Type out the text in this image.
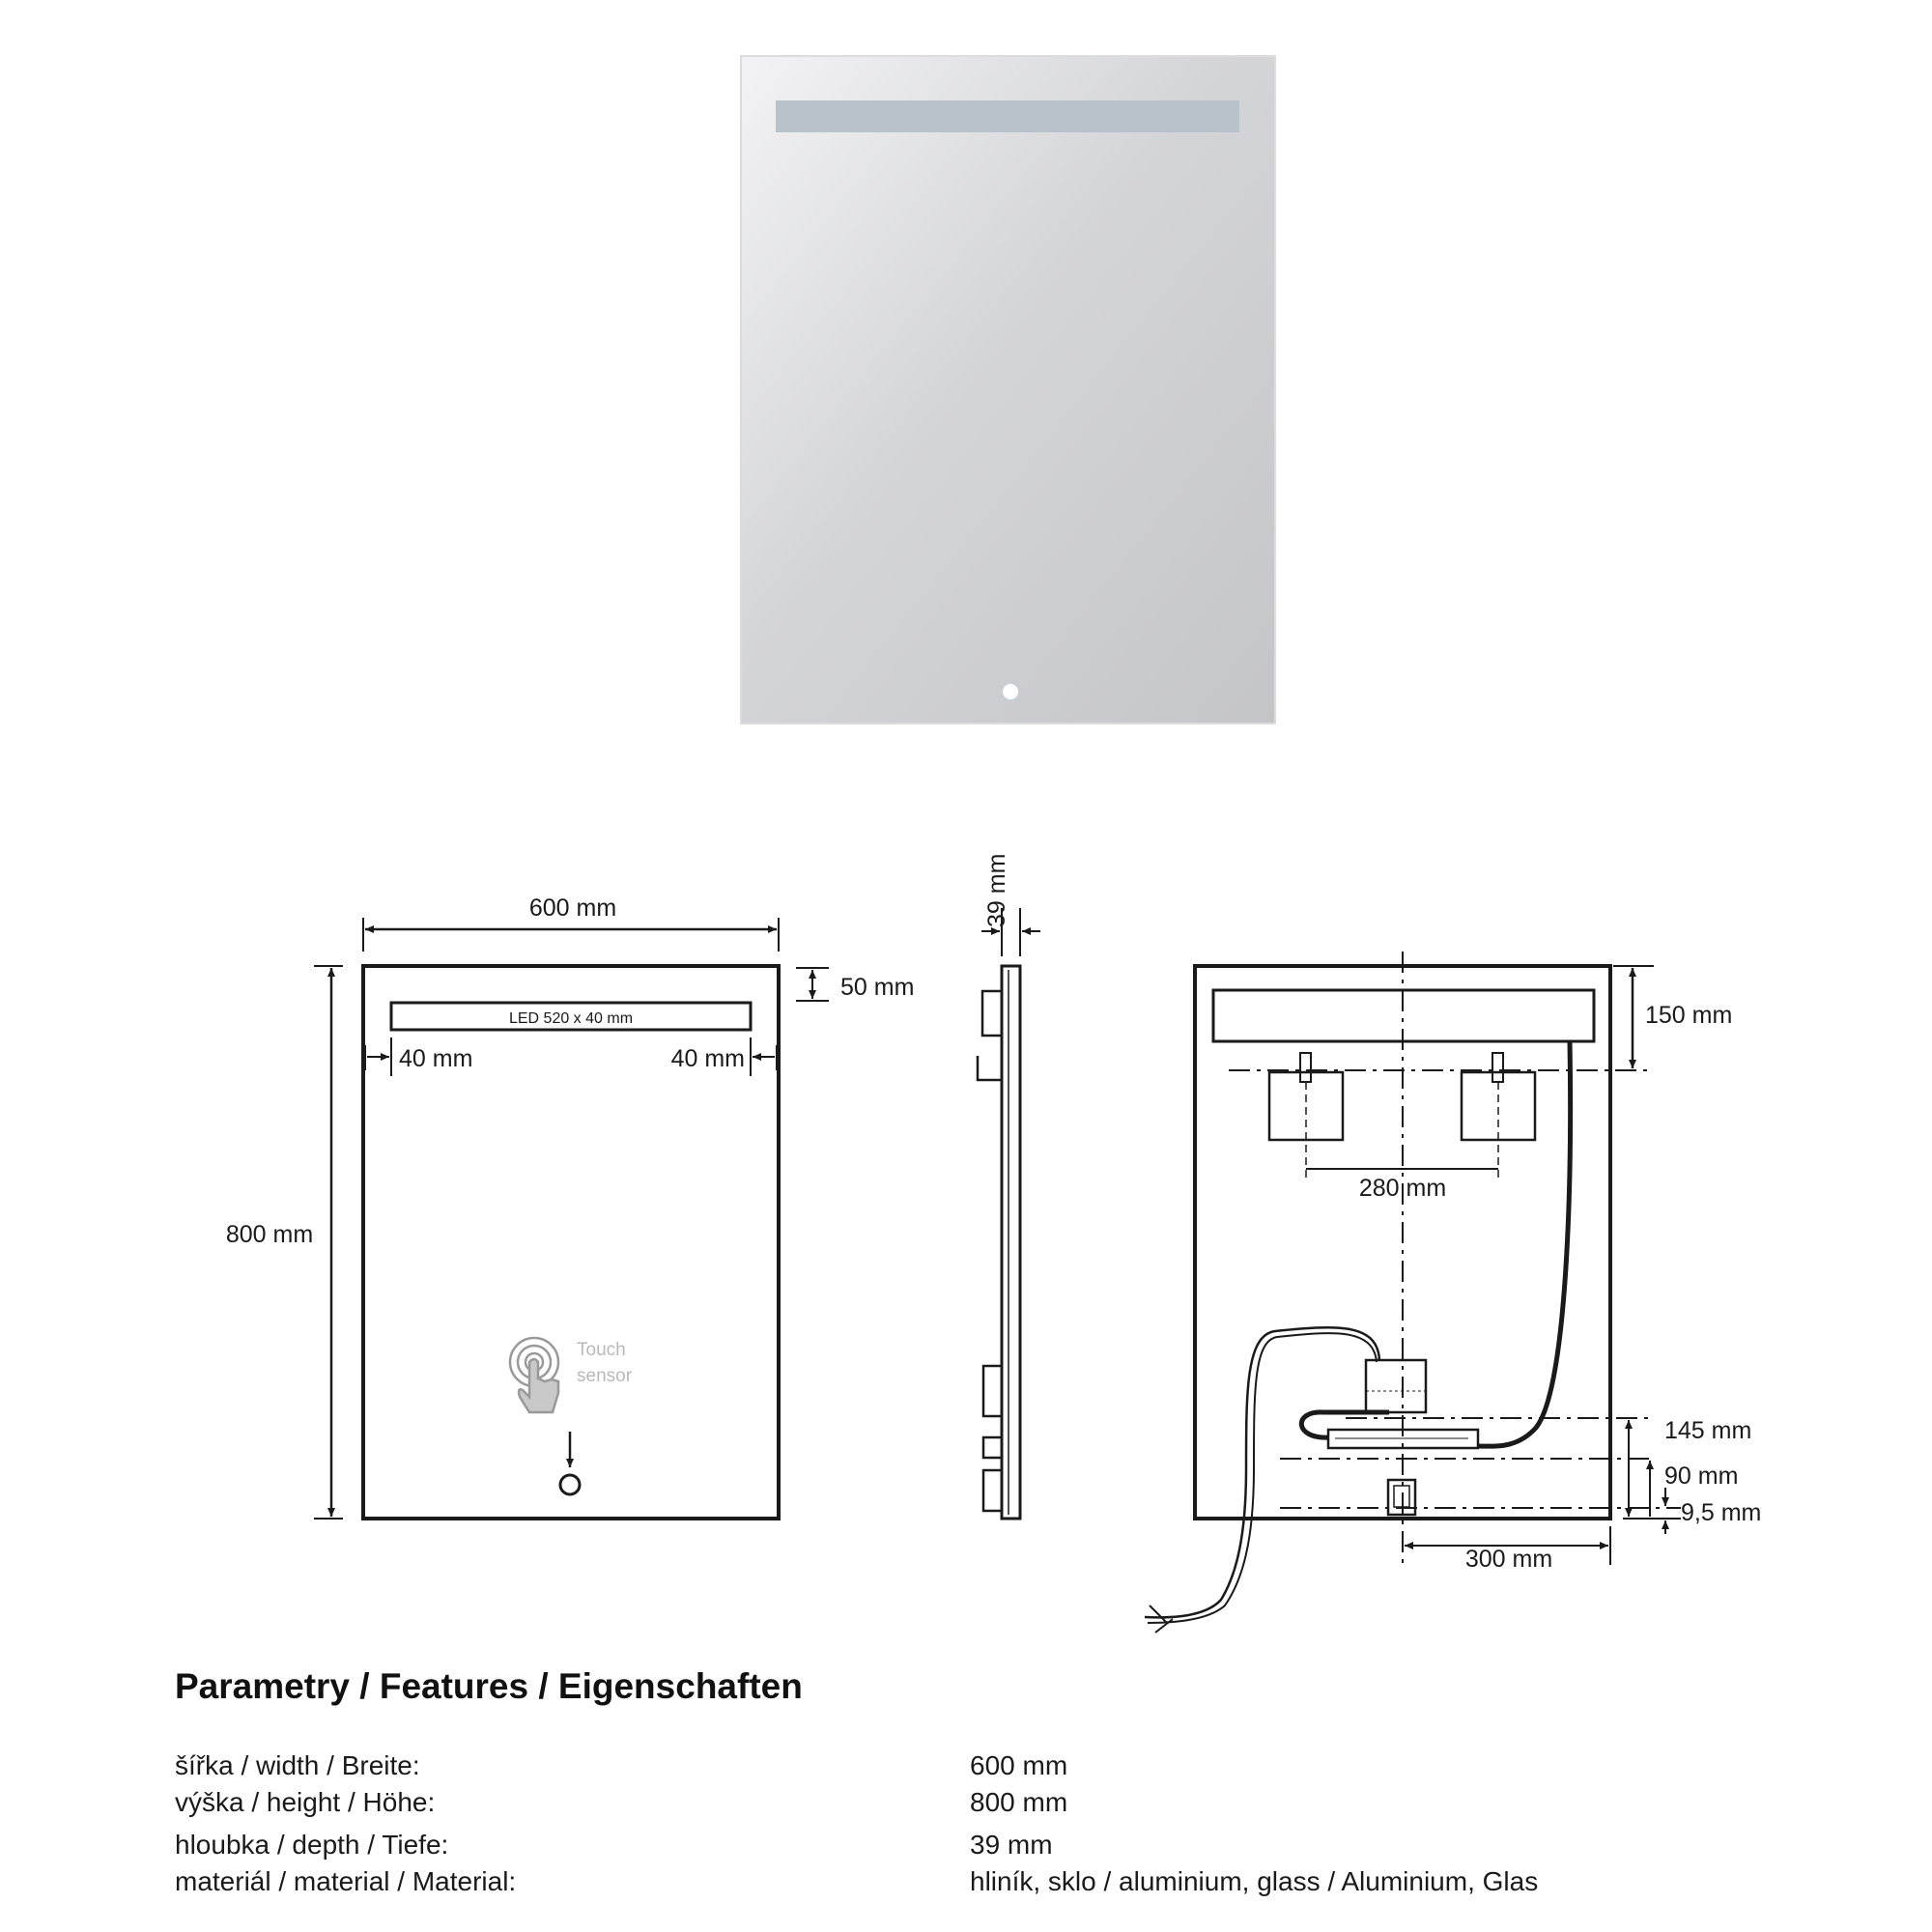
600 mm
800 mm
50 mm
LED 520 x 40 mm
40 mm	40 mm
Touch
sensor
39 mm
150 mm
280 mm
145 mm
90 mm
9,5 mm
300 mm
Parametry / Features / Eigenschaften
šířka / width / Breite:	600 mm
výška / height / Höhe:	800 mm
hloubka / depth / Tiefe:	39 mm
materiál / material / Material:	hliník, sklo / aluminium, glass / Aluminium, Glas
